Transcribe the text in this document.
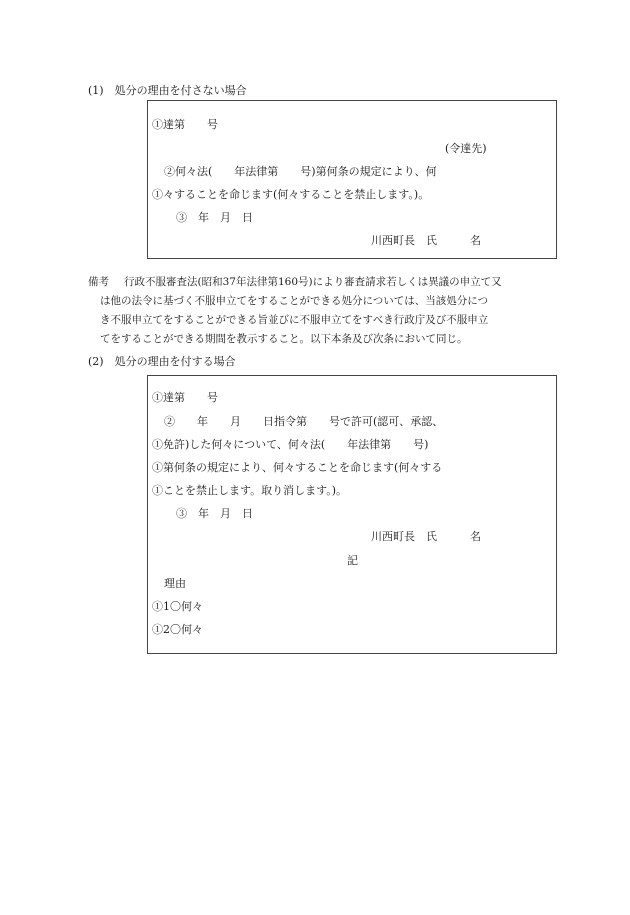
(1)　処分の理由を付さない場合
①達第　　号
(令達先)
②何々法(　　年法律第　　号)第何条の規定により、何
①々することを命じます(何々することを禁止します。)。
③　年　月　日
川西町長　氏　　　名
備考 行政不服審査法(昭和37年法律第160号)により審査請求若しくは異議の申立て又
は他の法令に基づく不服申立てをすることができる処分については、当該処分につ
き不服申立てをすることができる旨並びに不服申立てをすべき行政庁及び不服申立
てをすることができる期間を教示すること。以下本条及び次条において同じ。
(2)　処分の理由を付する場合
①達第　　号
②　　年　　月　　日指令第　　号で許可(認可、承認、
①免許)した何々について、何々法(　　年法律第　　号)
①第何条の規定により、何々することを命じます(何々する
①ことを禁止します。取り消します。)。
③　年　月　日
川西町長　氏　　　名
記
理由
①1〇何々
①2〇何々
